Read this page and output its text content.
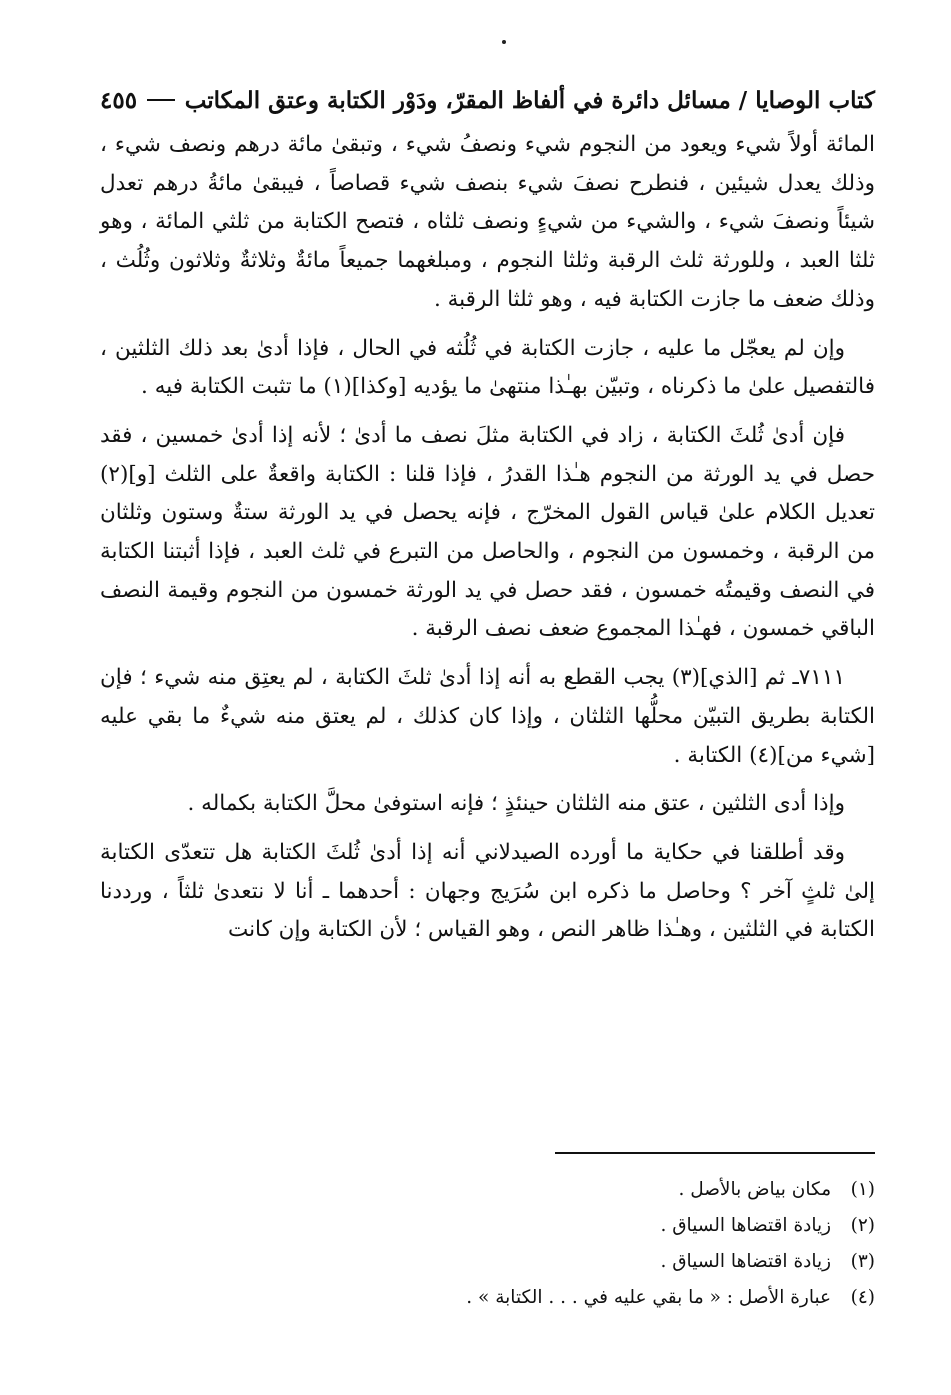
كتاب الوصايا / مسائل دائرة في ألفاظ المقرّ، ودَوْر الكتابة وعتق المكاتب
٤٥٥

المائة أولاً شيء ويعود من النجوم شيء ونصفُ شيء ، وتبقىٰ مائة درهم ونصف شيء ، وذلك يعدل شيئين ، فنطرح نصفَ شيء بنصف شيء قصاصاً ، فيبقىٰ مائةُ درهم تعدل شيئاً ونصفَ شيء ، والشيء من شيءٍ ونصف ثلثاه ، فتصح الكتابة من ثلثي المائة ، وهو ثلثا العبد ، وللورثة ثلث الرقبة وثلثا النجوم ، ومبلغهما جميعاً مائةٌ وثلاثةٌ وثلاثون وثُلُث ، وذلك ضعف ما جازت الكتابة فيه ، وهو ثلثا الرقبة .

وإن لم يعجّل ما عليه ، جازت الكتابة في ثُلُثه في الحال ، فإذا أدىٰ بعد ذلك الثلثين ، فالتفصيل علىٰ ما ذكرناه ، وتبيّن بهـٰذا منتهىٰ ما يؤديه [وكذا](١) ما تثبت الكتابة فيه .

فإن أدىٰ ثُلثَ الكتابة ، زاد في الكتابة مثلَ نصف ما أدىٰ ؛ لأنه إذا أدىٰ خمسين ، فقد حصل في يد الورثة من النجوم هـٰذا القدرُ ، فإذا قلنا : الكتابة واقعةٌ على الثلث [و](٢) تعديل الكلام علىٰ قياس القول المخرّج ، فإنه يحصل في يد الورثة ستةٌ وستون وثلثان من الرقبة ، وخمسون من النجوم ، والحاصل من التبرع في ثلث العبد ، فإذا أثبتنا الكتابة في النصف وقيمتُه خمسون ، فقد حصل في يد الورثة خمسون من النجوم وقيمة النصف الباقي خمسون ، فهـٰذا المجموع ضعف نصف الرقبة .

٧١١١ـ ثم [الذي](٣) يجب القطع به أنه إذا أدىٰ ثلثَ الكتابة ، لم يعتِق منه شيء ؛ فإن الكتابة بطريق التبيّن محلُّها الثلثان ، وإذا كان كذلك ، لم يعتق منه شيءٌ ما بقي عليه [شيء من](٤) الكتابة .

وإذا أدى الثلثين ، عتق منه الثلثان حينئذٍ ؛ فإنه استوفىٰ محلَّ الكتابة بكماله .

وقد أطلقنا في حكاية ما أورده الصيدلاني أنه إذا أدىٰ ثُلثَ الكتابة هل تتعدّى الكتابة إلىٰ ثلثٍ آخر ؟ وحاصل ما ذكره ابن سُرَيج وجهان : أحدهما ـ أنا لا نتعدىٰ ثلثاً ، ورددنا الكتابة في الثلثين ، وهـٰذا ظاهر النص ، وهو القياس ؛ لأن الكتابة وإن كانت

(١) مكان بياض بالأصل .
(٢) زيادة اقتضاها السياق .
(٣) زيادة اقتضاها السياق .
(٤) عبارة الأصل : « ما بقي عليه في . . . الكتابة » .
